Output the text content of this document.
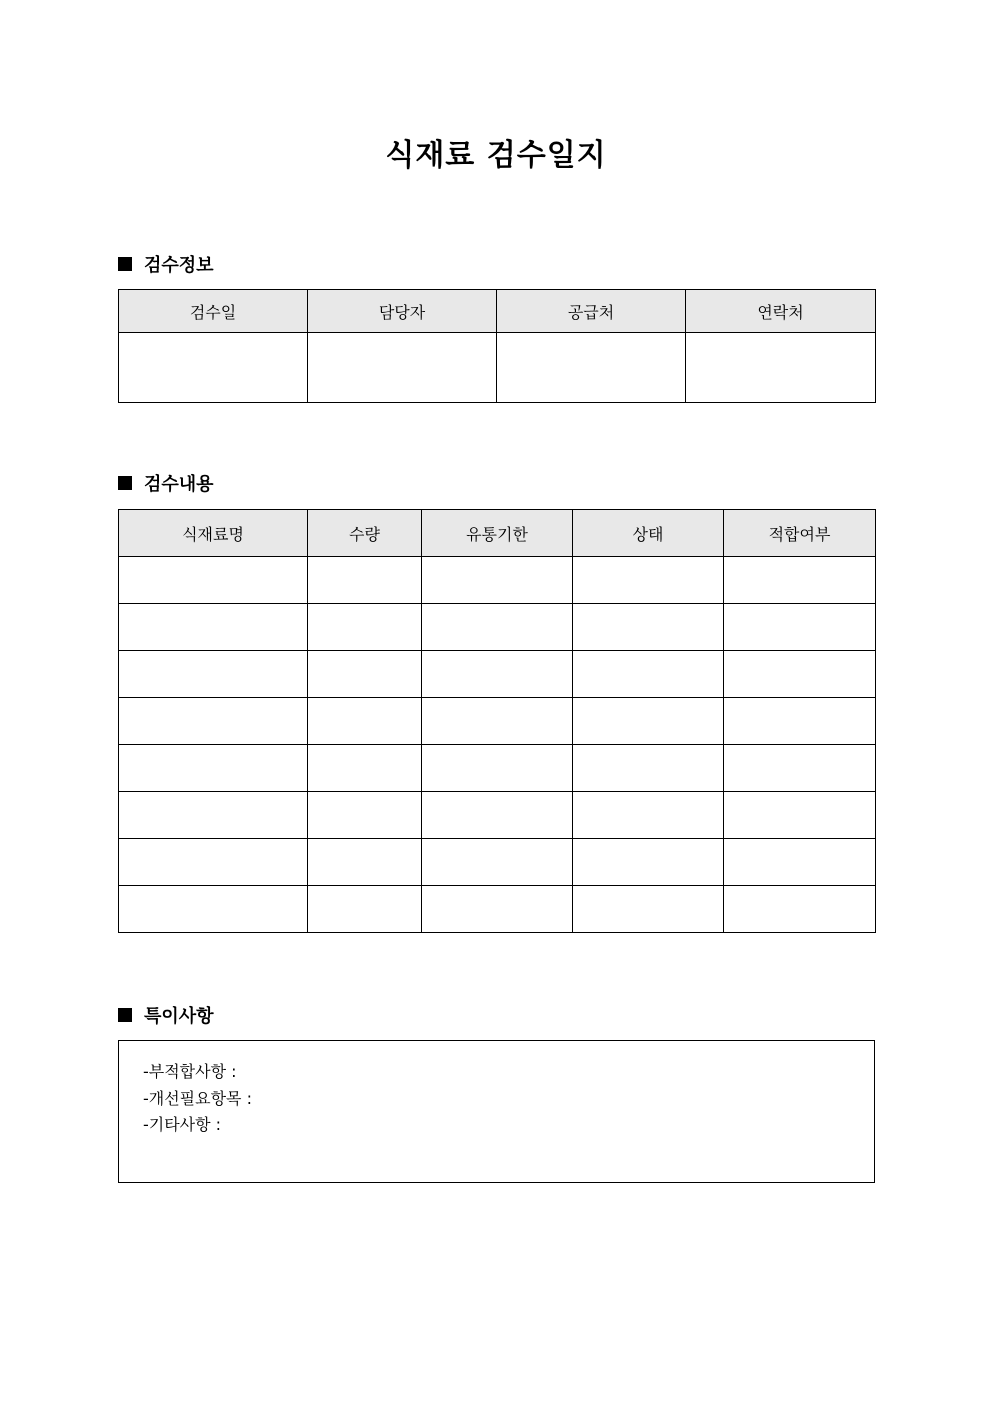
식재료 검수일지
검수정보
검수일	담당자	공급처	연락처

검수내용
식재료명	수량	유통기한	상태	적합여부

특이사항
-부적합사항 :
-개선필요항목 :
-기타사항 :
